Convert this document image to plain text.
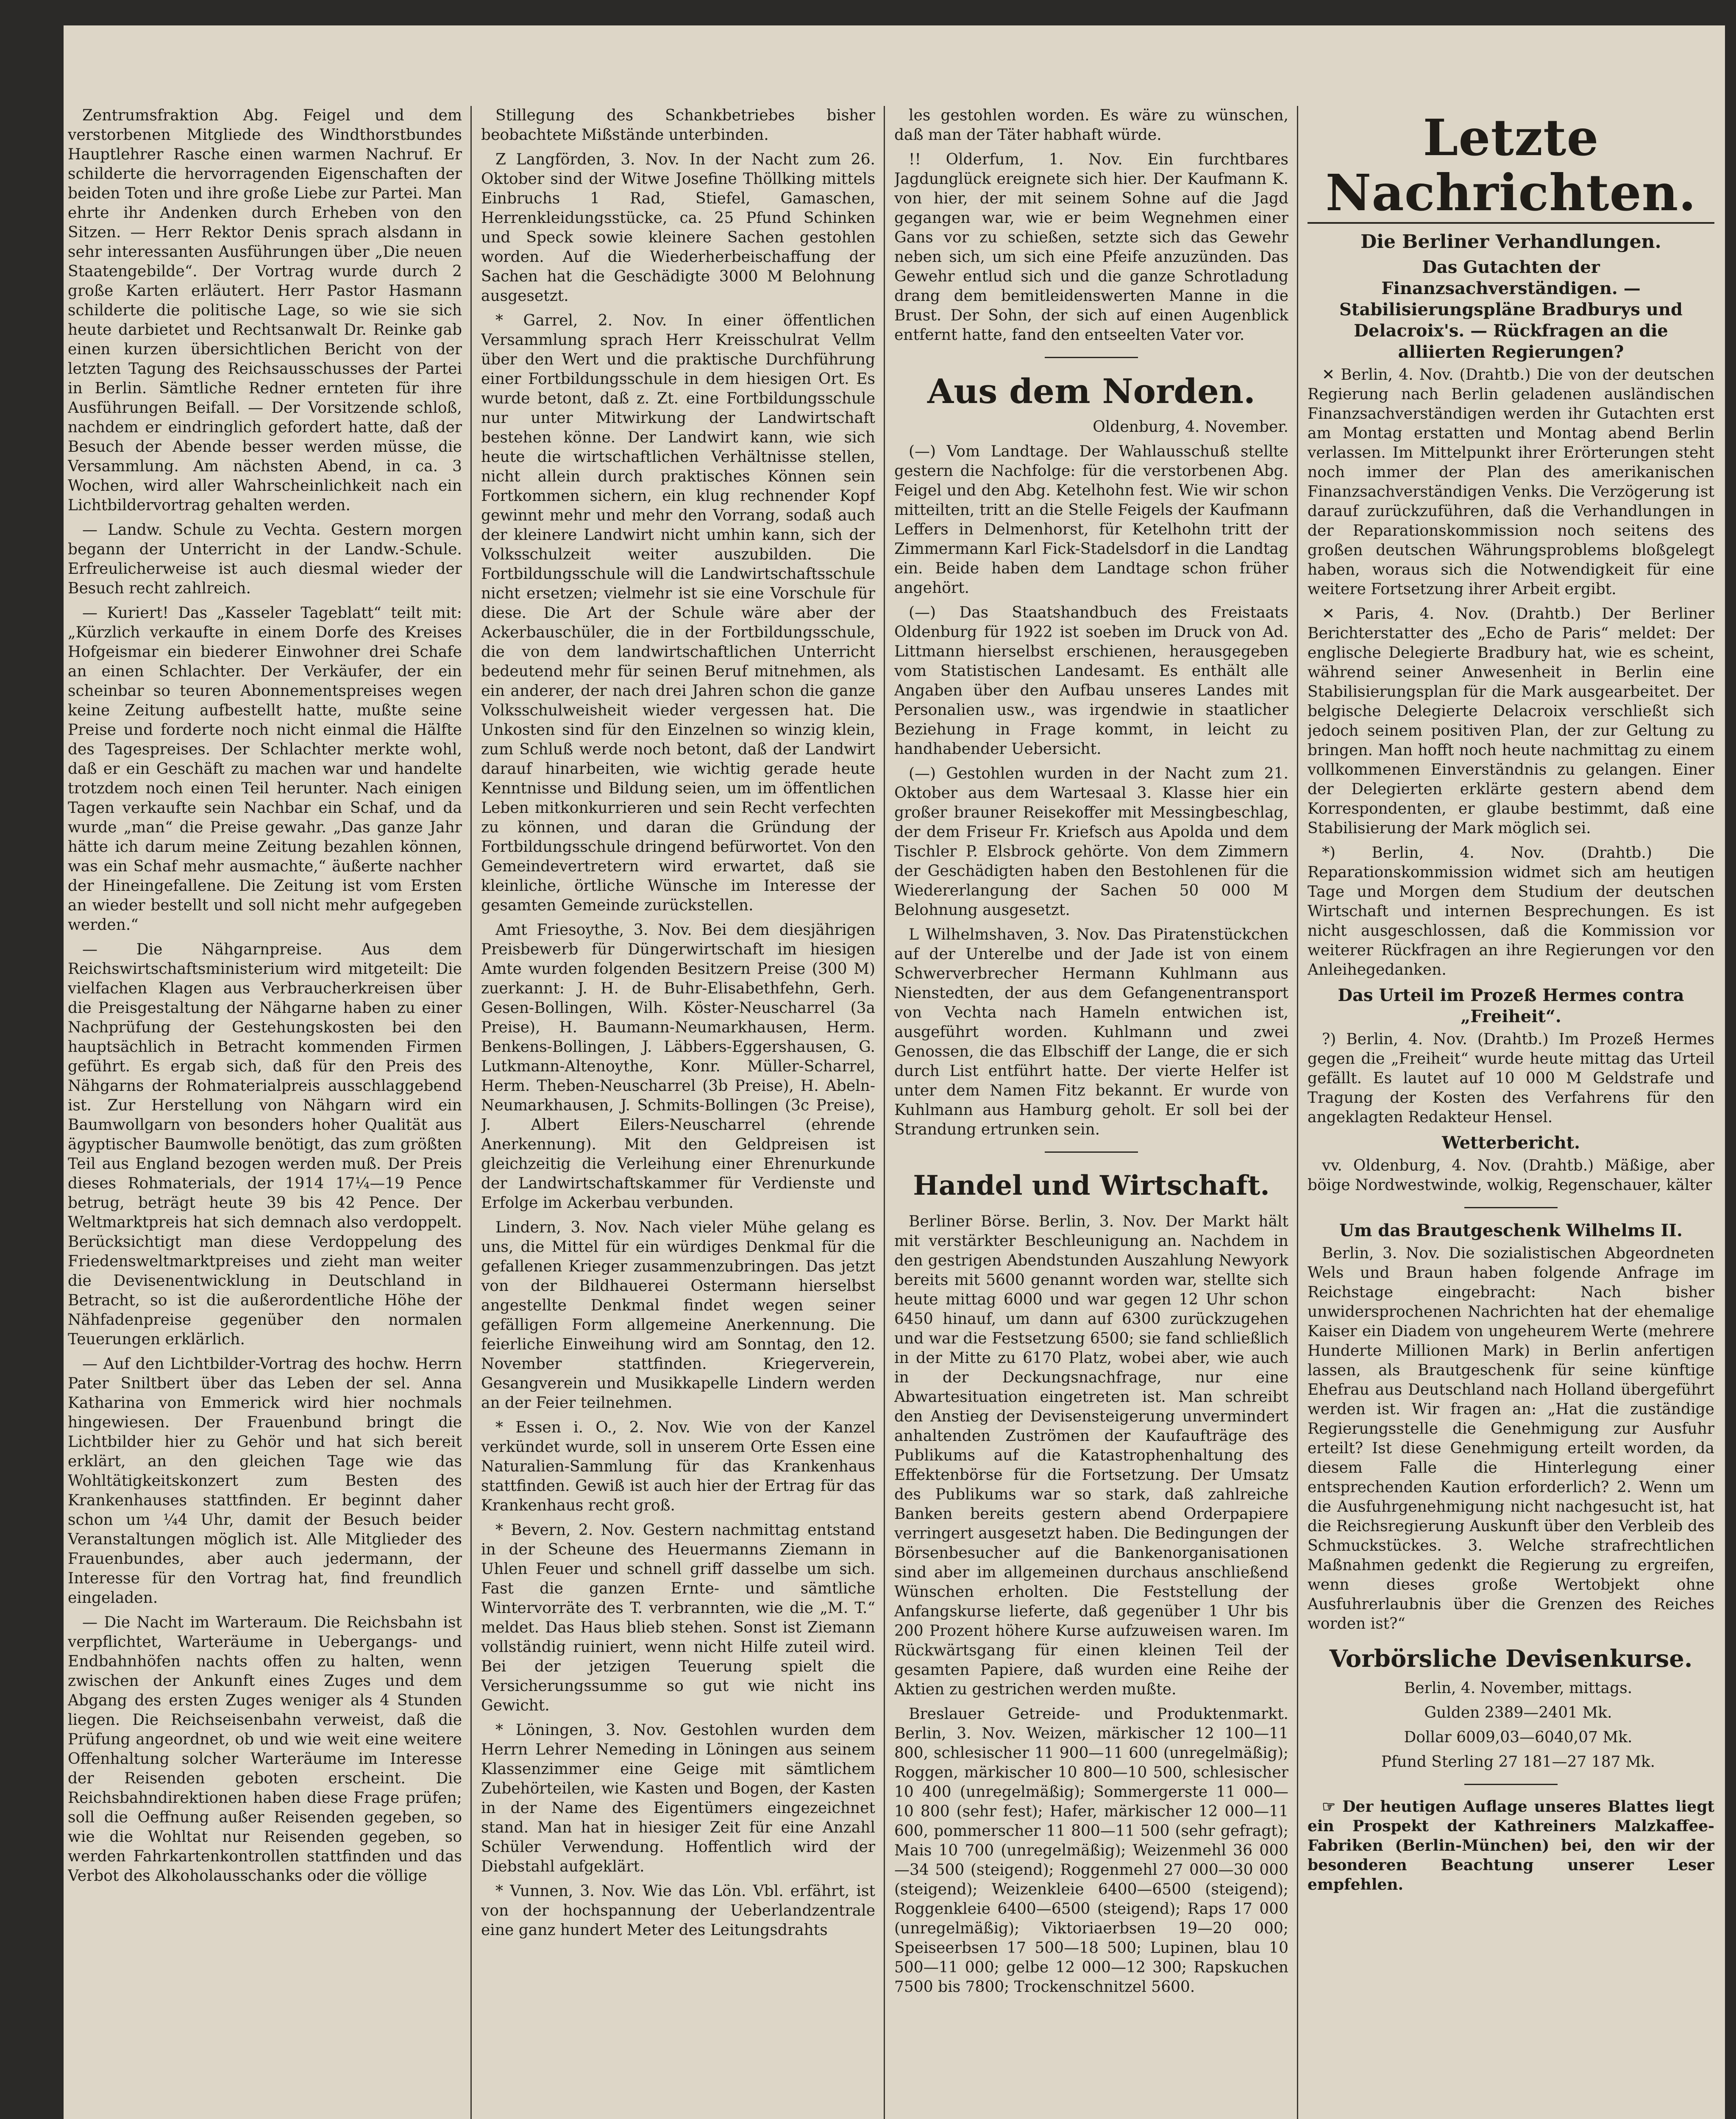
Zentrumsfraktion Abg. Feigel und dem verstorbenen Mitgliede des Windthorstbundes Hauptlehrer Rasche einen warmen Nachruf. Er schilderte die hervorragenden Eigenschaften der beiden Toten und ihre große Liebe zur Partei. Man ehrte ihr Andenken durch Erheben von den Sitzen. — Herr Rektor Denis sprach alsdann in sehr interessanten Ausführungen über „Die neuen Staatengebilde“. Der Vortrag wurde durch 2 große Karten erläutert. Herr Pastor Hasmann schilderte die politische Lage, so wie sie sich heute darbietet und Rechtsanwalt Dr. Reinke gab einen kurzen übersichtlichen Bericht von der letzten Tagung des Reichsausschusses der Partei in Berlin. Sämtliche Redner ernteten für ihre Ausführungen Beifall. — Der Vorsitzende schloß, nachdem er eindringlich gefordert hatte, daß der Besuch der Abende besser werden müsse, die Versammlung. Am nächsten Abend, in ca. 3 Wochen, wird aller Wahrscheinlichkeit nach ein Lichtbildervortrag gehalten werden.

— Landw. Schule zu Vechta. Gestern morgen begann der Unterricht in der Landw.-Schule. Erfreulicherweise ist auch diesmal wieder der Besuch recht zahlreich.

— Kuriert! Das „Kasseler Tageblatt“ teilt mit: „Kürzlich verkaufte in einem Dorfe des Kreises Hofgeismar ein biederer Einwohner drei Schafe an einen Schlachter. Der Verkäufer, der ein scheinbar so teuren Abonnementspreises wegen keine Zeitung aufbestellt hatte, mußte seine Preise und forderte noch nicht einmal die Hälfte des Tagespreises. Der Schlachter merkte wohl, daß er ein Geschäft zu machen war und handelte trotzdem noch einen Teil herunter. Nach einigen Tagen verkaufte sein Nachbar ein Schaf, und da wurde „man“ die Preise gewahr. „Das ganze Jahr hätte ich darum meine Zeitung bezahlen können, was ein Schaf mehr ausmachte,“ äußerte nachher der Hineingefallene. Die Zeitung ist vom Ersten an wieder bestellt und soll nicht mehr aufgegeben werden.“

— Die Nähgarnpreise. Aus dem Reichswirtschaftsministerium wird mitgeteilt: Die vielfachen Klagen aus Verbraucherkreisen über die Preisgestaltung der Nähgarne haben zu einer Nachprüfung der Gestehungskosten bei den hauptsächlich in Betracht kommenden Firmen geführt. Es ergab sich, daß für den Preis des Nähgarns der Rohmaterialpreis ausschlaggebend ist. Zur Herstellung von Nähgarn wird ein Baumwollgarn von besonders hoher Qualität aus ägyptischer Baumwolle benötigt, das zum größten Teil aus England bezogen werden muß. Der Preis dieses Rohmaterials, der 1914 17¼—19 Pence betrug, beträgt heute 39 bis 42 Pence. Der Weltmarktpreis hat sich demnach also verdoppelt. Berücksichtigt man diese Verdoppelung des Friedensweltmarktpreises und zieht man weiter die Devisenentwicklung in Deutschland in Betracht, so ist die außerordentliche Höhe der Nähfadenpreise gegenüber den normalen Teuerungen erklärlich.

— Auf den Lichtbilder-Vortrag des hochw. Herrn Pater Sniltbert über das Leben der sel. Anna Katharina von Emmerick wird hier nochmals hingewiesen. Der Frauenbund bringt die Lichtbilder hier zu Gehör und hat sich bereit erklärt, an den gleichen Tage wie das Wohltätigkeitskonzert zum Besten des Krankenhauses stattfinden. Er beginnt daher schon um ¼4 Uhr, damit der Besuch beider Veranstaltungen möglich ist. Alle Mitglieder des Frauenbundes, aber auch jedermann, der Interesse für den Vortrag hat, find freundlich eingeladen.

— Die Nacht im Warteraum. Die Reichsbahn ist verpflichtet, Warteräume in Uebergangs- und Endbahnhöfen nachts offen zu halten, wenn zwischen der Ankunft eines Zuges und dem Abgang des ersten Zuges weniger als 4 Stunden liegen. Die Reichseisenbahn verweist, daß die Prüfung angeordnet, ob und wie weit eine weitere Offenhaltung solcher Warteräume im Interesse der Reisenden geboten erscheint. Die Reichsbahndirektionen haben diese Frage prüfen; soll die Oeffnung außer Reisenden gegeben, so wie die Wohltat nur Reisenden gegeben, so werden Fahrkartenkontrollen stattfinden und das Verbot des Alkoholausschanks oder die völlige

Stillegung des Schankbetriebes bisher beobachtete Mißstände unterbinden.

Z Langförden, 3. Nov. In der Nacht zum 26. Oktober sind der Witwe Josefine Thöllking mittels Einbruchs 1 Rad, Stiefel, Gamaschen, Herrenkleidungsstücke, ca. 25 Pfund Schinken und Speck sowie kleinere Sachen gestohlen worden. Auf die Wiederherbeischaffung der Sachen hat die Geschädigte 3000 M Belohnung ausgesetzt.

* Garrel, 2. Nov. In einer öffentlichen Versammlung sprach Herr Kreisschulrat Vellm über den Wert und die praktische Durchführung einer Fortbildungsschule in dem hiesigen Ort. Es wurde betont, daß z. Zt. eine Fortbildungsschule nur unter Mitwirkung der Landwirtschaft bestehen könne. Der Landwirt kann, wie sich heute die wirtschaftlichen Verhältnisse stellen, nicht allein durch praktisches Können sein Fortkommen sichern, ein klug rechnender Kopf gewinnt mehr und mehr den Vorrang, sodaß auch der kleinere Landwirt nicht umhin kann, sich der Volksschulzeit weiter auszubilden. Die Fortbildungsschule will die Landwirtschaftsschule nicht ersetzen; vielmehr ist sie eine Vorschule für diese. Die Art der Schule wäre aber der Ackerbauschüler, die in der Fortbildungsschule, die von dem landwirtschaftlichen Unterricht bedeutend mehr für seinen Beruf mitnehmen, als ein anderer, der nach drei Jahren schon die ganze Volksschulweisheit wieder vergessen hat. Die Unkosten sind für den Einzelnen so winzig klein, zum Schluß werde noch betont, daß der Landwirt darauf hinarbeiten, wie wichtig gerade heute Kenntnisse und Bildung seien, um im öffentlichen Leben mitkonkurrieren und sein Recht verfechten zu können, und daran die Gründung der Fortbildungsschule dringend befürwortet. Von den Gemeindevertretern wird erwartet, daß sie kleinliche, örtliche Wünsche im Interesse der gesamten Gemeinde zurückstellen.

Amt Friesoythe, 3. Nov. Bei dem diesjährigen Preisbewerb für Düngerwirtschaft im hiesigen Amte wurden folgenden Besitzern Preise (300 M) zuerkannt: J. H. de Buhr-Elisabethfehn, Gerh. Gesen-Bollingen, Wilh. Köster-Neuscharrel (3a Preise), H. Baumann-Neumarkhausen, Herm. Benkens-Bollingen, J. Läbbers-Eggershausen, G. Lutkmann-Altenoythe, Konr. Müller-Scharrel, Herm. Theben-Neuscharrel (3b Preise), H. Abeln-Neumarkhausen, J. Schmits-Bollingen (3c Preise), J. Albert Eilers-Neuscharrel (ehrende Anerkennung). Mit den Geldpreisen ist gleichzeitig die Verleihung einer Ehrenurkunde der Landwirtschaftskammer für Verdienste und Erfolge im Ackerbau verbunden.

Lindern, 3. Nov. Nach vieler Mühe gelang es uns, die Mittel für ein würdiges Denkmal für die gefallenen Krieger zusammenzubringen. Das jetzt von der Bildhauerei Ostermann hierselbst angestellte Denkmal findet wegen seiner gefälligen Form allgemeine Anerkennung. Die feierliche Einweihung wird am Sonntag, den 12. November stattfinden. Kriegerverein, Gesangverein und Musikkapelle Lindern werden an der Feier teilnehmen.

* Essen i. O., 2. Nov. Wie von der Kanzel verkündet wurde, soll in unserem Orte Essen eine Naturalien-Sammlung für das Krankenhaus stattfinden. Gewiß ist auch hier der Ertrag für das Krankenhaus recht groß.

* Bevern, 2. Nov. Gestern nachmittag entstand in der Scheune des Heuermanns Ziemann in Uhlen Feuer und schnell griff dasselbe um sich. Fast die ganzen Ernte- und sämtliche Wintervorräte des T. verbrannten, wie die „M. T.“ meldet. Das Haus blieb stehen. Sonst ist Ziemann vollständig ruiniert, wenn nicht Hilfe zuteil wird. Bei der jetzigen Teuerung spielt die Versicherungssumme so gut wie nicht ins Gewicht.

* Löningen, 3. Nov. Gestohlen wurden dem Herrn Lehrer Nemeding in Löningen aus seinem Klassenzimmer eine Geige mit sämtlichem Zubehörteilen, wie Kasten und Bogen, der Kasten in der Name des Eigentümers eingezeichnet stand. Man hat in hiesiger Zeit für eine Anzahl Schüler Verwendung. Hoffentlich wird der Diebstahl aufgeklärt.

* Vunnen, 3. Nov. Wie das Lön. Vbl. erfährt, ist von der hochspannung der Ueberlandzentrale eine ganz hundert Meter des Leitungsdrahts

les gestohlen worden. Es wäre zu wünschen, daß man der Täter habhaft würde.

!! Olderfum, 1. Nov. Ein furchtbares Jagdunglück ereignete sich hier. Der Kaufmann K. von hier, der mit seinem Sohne auf die Jagd gegangen war, wie er beim Wegnehmen einer Gans vor zu schießen, setzte sich das Gewehr neben sich, um sich eine Pfeife anzuzünden. Das Gewehr entlud sich und die ganze Schrotladung drang dem bemitleidenswerten Manne in die Brust. Der Sohn, der sich auf einen Augenblick entfernt hatte, fand den entseelten Vater vor.

Aus dem Norden.

Oldenburg, 4. November.

(—) Vom Landtage. Der Wahlausschuß stellte gestern die Nachfolge: für die verstorbenen Abg. Feigel und den Abg. Ketelhohn fest. Wie wir schon mitteilten, tritt an die Stelle Feigels der Kaufmann Leffers in Delmenhorst, für Ketelhohn tritt der Zimmermann Karl Fick-Stadelsdorf in die Landtag ein. Beide haben dem Landtage schon früher angehört.

(—) Das Staatshandbuch des Freistaats Oldenburg für 1922 ist soeben im Druck von Ad. Littmann hierselbst erschienen, herausgegeben vom Statistischen Landesamt. Es enthält alle Angaben über den Aufbau unseres Landes mit Personalien usw., was irgendwie in staatlicher Beziehung in Frage kommt, in leicht zu handhabender Uebersicht.

(—) Gestohlen wurden in der Nacht zum 21. Oktober aus dem Wartesaal 3. Klasse hier ein großer brauner Reisekoffer mit Messingbeschlag, der dem Friseur Fr. Kriefsch aus Apolda und dem Tischler P. Elsbrock gehörte. Von dem Zimmern der Geschädigten haben den Bestohlenen für die Wiedererlangung der Sachen 50 000 M Belohnung ausgesetzt.

L Wilhelmshaven, 3. Nov. Das Piratenstückchen auf der Unterelbe und der Jade ist von einem Schwerverbrecher Hermann Kuhlmann aus Nienstedten, der aus dem Gefangenentransport von Vechta nach Hameln entwichen ist, ausgeführt worden. Kuhlmann und zwei Genossen, die das Elbschiff der Lange, die er sich durch List entführt hatte. Der vierte Helfer ist unter dem Namen Fitz bekannt. Er wurde von Kuhlmann aus Hamburg geholt. Er soll bei der Strandung ertrunken sein.

Handel und Wirtschaft.

Berliner Börse. Berlin, 3. Nov. Der Markt hält mit verstärkter Beschleunigung an. Nachdem in den gestrigen Abendstunden Auszahlung Newyork bereits mit 5600 genannt worden war, stellte sich heute mittag 6000 und war gegen 12 Uhr schon 6450 hinauf, um dann auf 6300 zurückzugehen und war die Festsetzung 6500; sie fand schließlich in der Mitte zu 6170 Platz, wobei aber, wie auch in der Deckungsnachfrage, nur eine Abwartesituation eingetreten ist. Man schreibt den Anstieg der Devisensteigerung unvermindert anhaltenden Zuströmen der Kaufaufträge des Publikums auf die Katastrophenhaltung des Effektenbörse für die Fortsetzung. Der Umsatz des Publikums war so stark, daß zahlreiche Banken bereits gestern abend Orderpapiere verringert ausgesetzt haben. Die Bedingungen der Börsenbesucher auf die Bankenorganisationen sind aber im allgemeinen durchaus anschließend Wünschen erholten. Die Feststellung der Anfangskurse lieferte, daß gegenüber 1 Uhr bis 200 Prozent höhere Kurse aufzuweisen waren. Im Rückwärtsgang für einen kleinen Teil der gesamten Papiere, daß wurden eine Reihe der Aktien zu gestrichen werden mußte.

Breslauer Getreide- und Produktenmarkt. Berlin, 3. Nov. Weizen, märkischer 12 100—11 800, schlesischer 11 900—11 600 (unregelmäßig); Roggen, märkischer 10 800—10 500, schlesischer 10 400 (unregelmäßig); Sommergerste 11 000—10 800 (sehr fest); Hafer, märkischer 12 000—11 600, pommerscher 11 800—11 500 (sehr gefragt); Mais 10 700 (unregelmäßig); Weizenmehl 36 000—34 500 (steigend); Roggenmehl 27 000—30 000 (steigend); Weizenkleie 6400—6500 (steigend); Roggenkleie 6400—6500 (steigend); Raps 17 000 (unregelmäßig); Viktoriaerbsen 19—20 000; Speiseerbsen 17 500—18 500; Lupinen, blau 10 500—11 000; gelbe 12 000—12 300; Rapskuchen 7500 bis 7800; Trockenschnitzel 5600.

Letzte Nachrichten.
Die Berliner Verhandlungen.
Das Gutachten der Finanzsachverständigen. — Stabilisierungspläne Bradburys und Delacroix's. — Rückfragen an die alliierten Regierungen?

✕ Berlin, 4. Nov. (Drahtb.) Die von der deutschen Regierung nach Berlin geladenen ausländischen Finanzsachverständigen werden ihr Gutachten erst am Montag erstatten und Montag abend Berlin verlassen. Im Mittelpunkt ihrer Erörterungen steht noch immer der Plan des amerikanischen Finanzsachverständigen Venks. Die Verzögerung ist darauf zurückzuführen, daß die Verhandlungen in der Reparationskommission noch seitens des großen deutschen Währungsproblems bloßgelegt haben, woraus sich die Notwendigkeit für eine weitere Fortsetzung ihrer Arbeit ergibt.

✕ Paris, 4. Nov. (Drahtb.) Der Berliner Berichterstatter des „Echo de Paris“ meldet: Der englische Delegierte Bradbury hat, wie es scheint, während seiner Anwesenheit in Berlin eine Stabilisierungsplan für die Mark ausgearbeitet. Der belgische Delegierte Delacroix verschließt sich jedoch seinem positiven Plan, der zur Geltung zu bringen. Man hofft noch heute nachmittag zu einem vollkommenen Einverständnis zu gelangen. Einer der Delegierten erklärte gestern abend dem Korrespondenten, er glaube bestimmt, daß eine Stabilisierung der Mark möglich sei.

*) Berlin, 4. Nov. (Drahtb.) Die Reparationskommission widmet sich am heutigen Tage und Morgen dem Studium der deutschen Wirtschaft und internen Besprechungen. Es ist nicht ausgeschlossen, daß die Kommission vor weiterer Rückfragen an ihre Regierungen vor den Anleihegedanken.

Das Urteil im Prozeß Hermes contra „Freiheit“.

?) Berlin, 4. Nov. (Drahtb.) Im Prozeß Hermes gegen die „Freiheit“ wurde heute mittag das Urteil gefällt. Es lautet auf 10 000 M Geldstrafe und Tragung der Kosten des Verfahrens für den angeklagten Redakteur Hensel.

Wetterbericht.

vv. Oldenburg, 4. Nov. (Drahtb.) Mäßige, aber böige Nordwestwinde, wolkig, Regenschauer, kälter

Um das Brautgeschenk Wilhelms II.

Berlin, 3. Nov. Die sozialistischen Abgeordneten Wels und Braun haben folgende Anfrage im Reichstage eingebracht: Nach bisher unwidersprochenen Nachrichten hat der ehemalige Kaiser ein Diadem von ungeheurem Werte (mehrere Hunderte Millionen Mark) in Berlin anfertigen lassen, als Brautgeschenk für seine künftige Ehefrau aus Deutschland nach Holland übergeführt werden ist. Wir fragen an: „Hat die zuständige Regierungsstelle die Genehmigung zur Ausfuhr erteilt? Ist diese Genehmigung erteilt worden, da diesem Falle die Hinterlegung einer entsprechenden Kaution erforderlich? 2. Wenn um die Ausfuhrgenehmigung nicht nachgesucht ist, hat die Reichsregierung Auskunft über den Verbleib des Schmuckstückes. 3. Welche strafrechtlichen Maßnahmen gedenkt die Regierung zu ergreifen, wenn dieses große Wertobjekt ohne Ausfuhrerlaubnis über die Grenzen des Reiches worden ist?“

Vorbörsliche Devisenkurse.

Berlin, 4. November, mittags.

Gulden 2389—2401 Mk.

Dollar 6009,03—6040,07 Mk.

Pfund Sterling 27 181—27 187 Mk.

☞ Der heutigen Auflage unseres Blattes liegt ein Prospekt der Kathreiners Malzkaffee-Fabriken (Berlin-München) bei, den wir der besonderen Beachtung unserer Leser empfehlen.
